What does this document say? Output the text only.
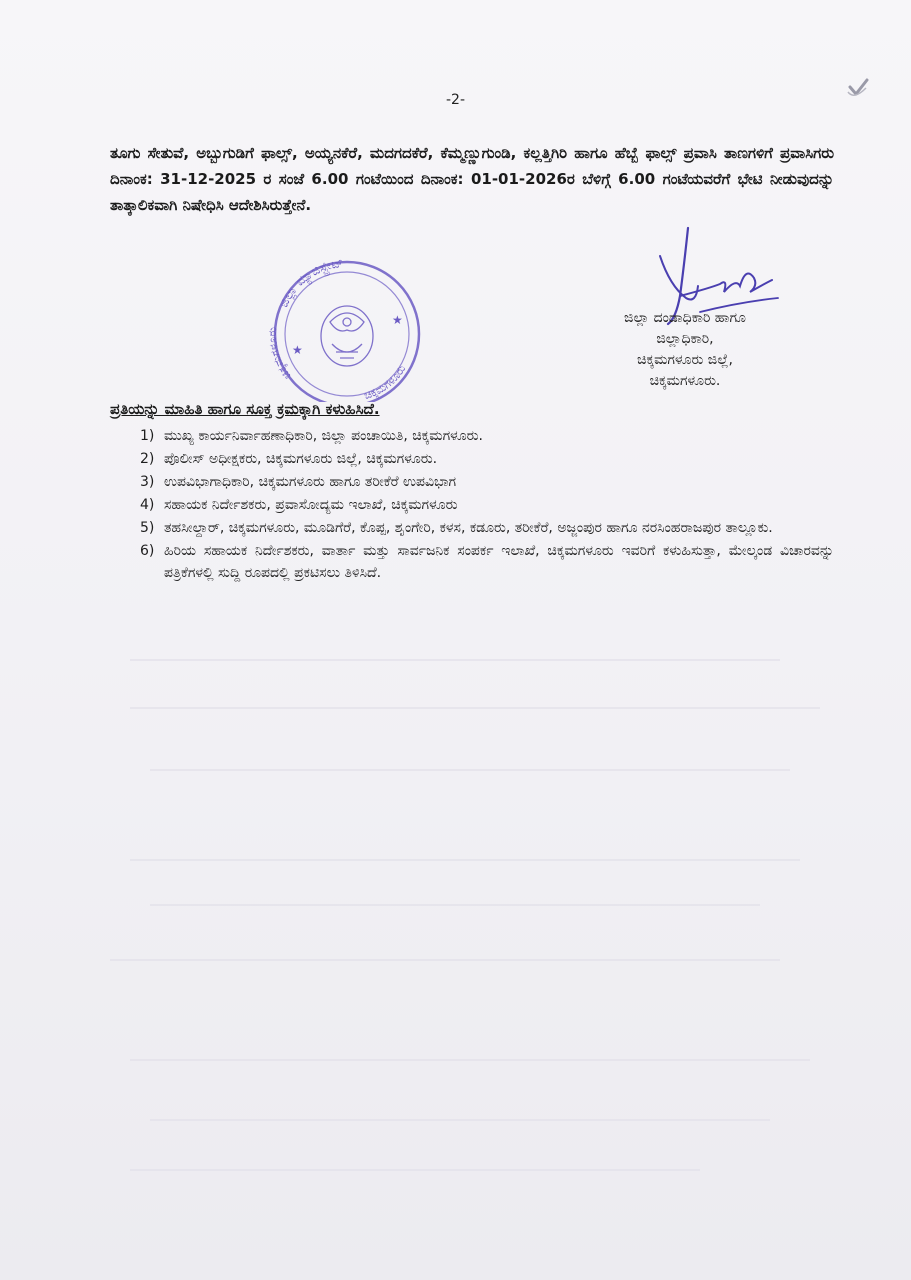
-2-
ತೂಗು ಸೇತುವೆ, ಅಬ್ಬುಗುಡಿಗೆ ಫಾಲ್ಸ್, ಅಯ್ಯನಕೆರೆ, ಮದಗದಕೆರೆ, ಕೆಮ್ಮಣ್ಣುಗುಂಡಿ, ಕಲ್ಲತ್ತಿಗಿರಿ ಹಾಗೂ ಹೆಬ್ಬೆ ಫಾಲ್ಸ್ ಪ್ರವಾಸಿ ತಾಣಗಳಿಗೆ ಪ್ರವಾಸಿಗರು ದಿನಾಂಕ: 31-12-2025 ರ ಸಂಜೆ 6.00 ಗಂಟೆಯಿಂದ ದಿನಾಂಕ: 01-01-2026ರ ಬೆಳಿಗ್ಗೆ 6.00 ಗಂಟೆಯವರೆಗೆ ಭೇಟಿ ನೀಡುವುದನ್ನು ತಾತ್ಕಾಲಿಕವಾಗಿ ನಿಷೇಧಿಸಿ ಆದೇಶಿಸಿರುತ್ತೇನೆ.
ಜಿಲ್ಲಾ ಮ್ಯಾಜಿಸ್ಟ್ರೇಟ್
ಚಿಕ್ಕಮಗಳೂರು
ಚಿಕ್ಕಮಗಳೂರು
★
★	ಜಿಲ್ಲಾ ದಂಡಾಧಿಕಾರಿ ಹಾಗೂ
ಜಿಲ್ಲಾಧಿಕಾರಿ,
ಚಿಕ್ಕಮಗಳೂರು ಜಿಲ್ಲೆ,
ಚಿಕ್ಕಮಗಳೂರು.
ಪ್ರತಿಯನ್ನು ಮಾಹಿತಿ ಹಾಗೂ ಸೂಕ್ತ ಕ್ರಮಕ್ಕಾಗಿ ಕಳುಹಿಸಿದೆ.
1) ಮುಖ್ಯ ಕಾರ್ಯನಿರ್ವಾಹಣಾಧಿಕಾರಿ, ಜಿಲ್ಲಾ ಪಂಚಾಯಿತಿ, ಚಿಕ್ಕಮಗಳೂರು.
2) ಪೊಲೀಸ್ ಅಧೀಕ್ಷಕರು, ಚಿಕ್ಕಮಗಳೂರು ಜಿಲ್ಲೆ, ಚಿಕ್ಕಮಗಳೂರು.
3) ಉಪವಿಭಾಗಾಧಿಕಾರಿ, ಚಿಕ್ಕಮಗಳೂರು ಹಾಗೂ ತರೀಕೆರೆ ಉಪವಿಭಾಗ
4) ಸಹಾಯಕ ನಿರ್ದೇಶಕರು, ಪ್ರವಾಸೋದ್ಯಮ ಇಲಾಖೆ, ಚಿಕ್ಕಮಗಳೂರು
5) ತಹಸೀಲ್ದಾರ್, ಚಿಕ್ಕಮಗಳೂರು, ಮೂಡಿಗೆರೆ, ಕೊಪ್ಪ, ಶೃಂಗೇರಿ, ಕಳಸ, ಕಡೂರು, ತರೀಕೆರೆ, ಅಜ್ಜಂಪುರ ಹಾಗೂ ನರಸಿಂಹರಾಜಪುರ ತಾಲ್ಲೂಕು.
6) ಹಿರಿಯ ಸಹಾಯಕ ನಿರ್ದೇಶಕರು, ವಾರ್ತಾ ಮತ್ತು ಸಾರ್ವಜನಿಕ ಸಂಪರ್ಕ ಇಲಾಖೆ, ಚಿಕ್ಕಮಗಳೂರು ಇವರಿಗೆ ಕಳುಹಿಸುತ್ತಾ, ಮೇಲ್ಕಂಡ ವಿಚಾರವನ್ನು ಪತ್ರಿಕೆಗಳಲ್ಲಿ ಸುದ್ದಿ ರೂಪದಲ್ಲಿ ಪ್ರಕಟಿಸಲು ತಿಳಿಸಿದೆ.
